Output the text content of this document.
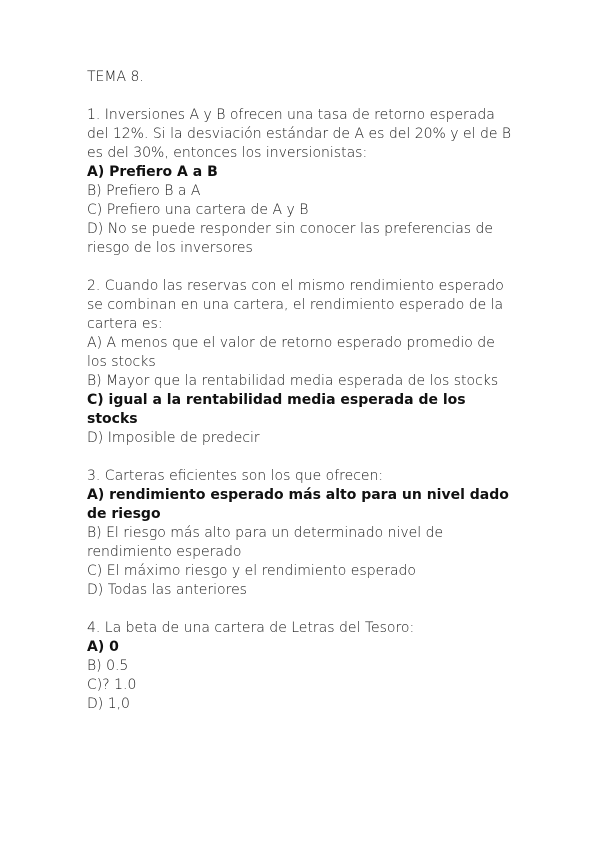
TEMA 8.

1. Inversiones A y B ofrecen una tasa de retorno esperada del 12%. Si la desviación estándar de A es del 20% y el de B es del 30%, entonces los inversionistas:

A) Prefiero A a B

B) Prefiero B a A

C) Prefiero una cartera de A y B

D) No se puede responder sin conocer las preferencias de riesgo de los inversores

2. Cuando las reservas con el mismo rendimiento esperado se combinan en una cartera, el rendimiento esperado de la cartera es:

A) A menos que el valor de retorno esperado promedio de los stocks

B) Mayor que la rentabilidad media esperada de los stocks

C) igual a la rentabilidad media esperada de los stocks

D) Imposible de predecir

3. Carteras eficientes son los que ofrecen:

A) rendimiento esperado más alto para un nivel dado de riesgo

B) El riesgo más alto para un determinado nivel de rendimiento esperado

C) El máximo riesgo y el rendimiento esperado

D) Todas las anteriores

4. La beta de una cartera de Letras del Tesoro:

A) 0

B) 0.5

C)? 1.0

D) 1,0
